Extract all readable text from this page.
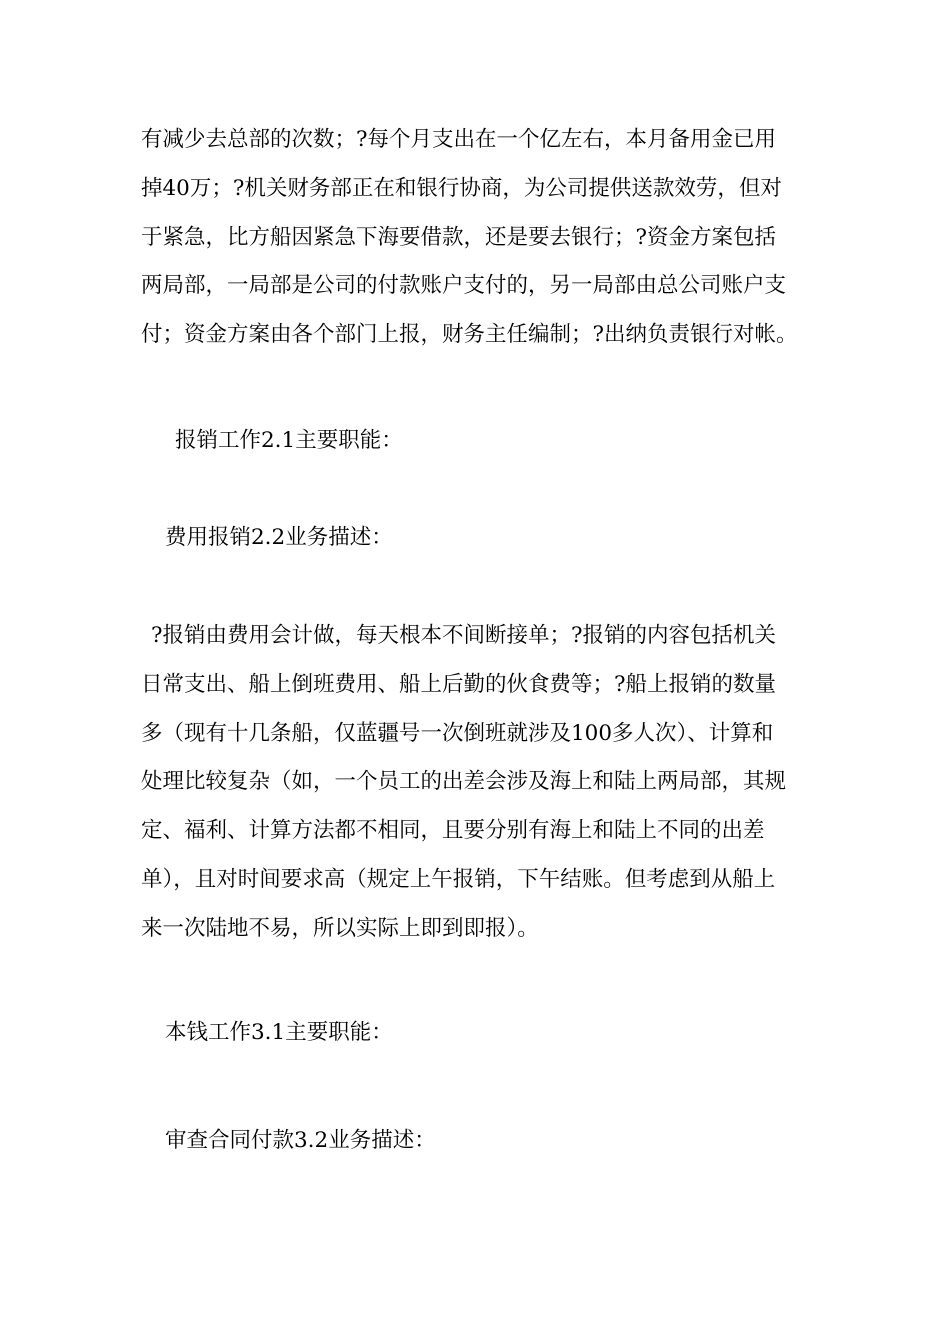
有减少去总部的次数；?每个月支出在一个亿左右，本月备用金已用
掉40万；?机关财务部正在和银行协商，为公司提供送款效劳，但对
于紧急，比方船因紧急下海要借款，还是要去银行；?资金方案包括
两局部，一局部是公司的付款账户支付的，另一局部由总公司账户支
付；资金方案由各个部门上报，财务主任编制；?出纳负责银行对帐。

报销工作2.1主要职能：

费用报销2.2业务描述：

?报销由费用会计做，每天根本不间断接单；?报销的内容包括机关
日常支出、船上倒班费用、船上后勤的伙食费等；?船上报销的数量
多（现有十几条船，仅蓝疆号一次倒班就涉及100多人次）、计算和
处理比较复杂（如，一个员工的出差会涉及海上和陆上两局部，其规
定、福利、计算方法都不相同，且要分别有海上和陆上不同的出差
单），且对时间要求高（规定上午报销，下午结账。但考虑到从船上
来一次陆地不易，所以实际上即到即报）。

本钱工作3.1主要职能：

审查合同付款3.2业务描述：
